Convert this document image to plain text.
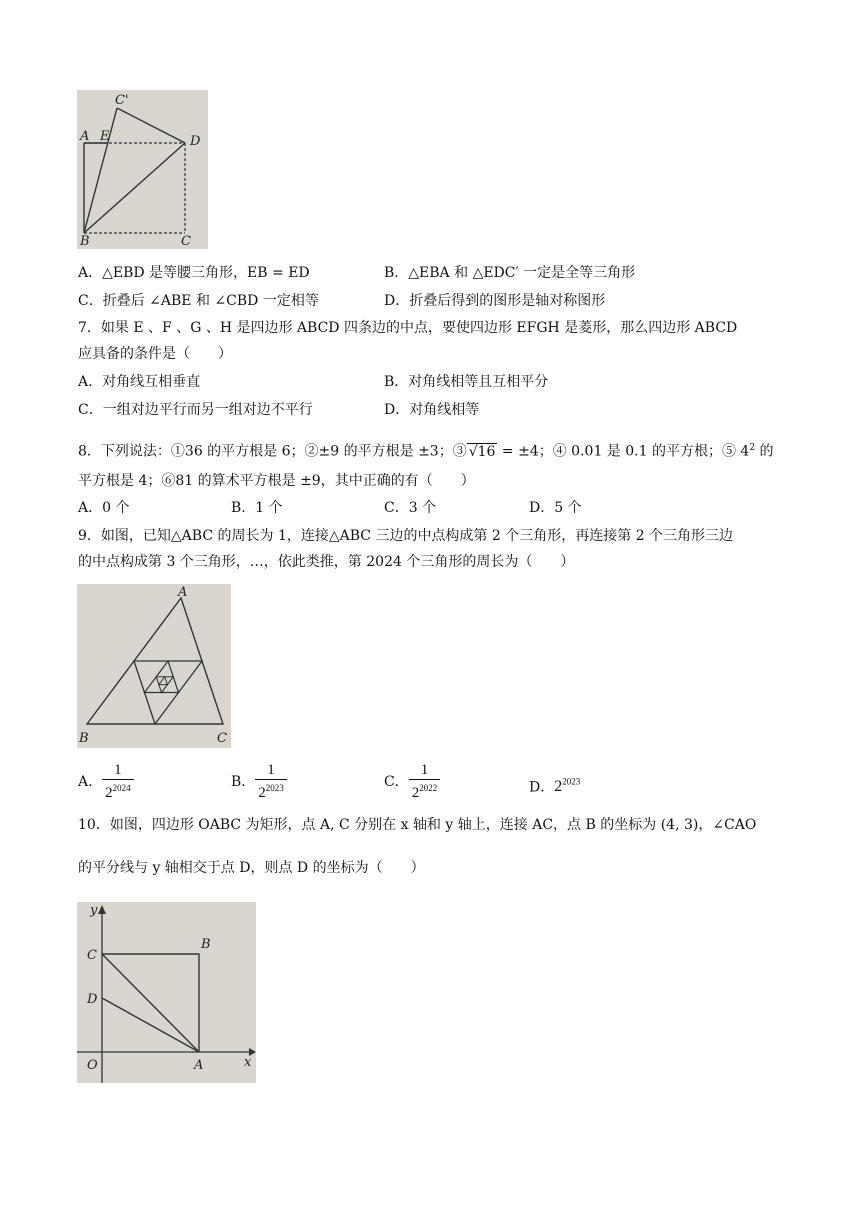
C'
A E	D
B	C
A．△EBD 是等腰三角形，EB = ED	B．△EBA 和 △EDC′ 一定是全等三角形
C．折叠后 ∠ABE 和 ∠CBD 一定相等	D．折叠后得到的图形是轴对称图形
7．如果 E 、F 、G 、H 是四边形 ABCD 四条边的中点，要使四边形 EFGH 是菱形，那么四边形 ABCD
应具备的条件是（　　）
A．对角线互相垂直	B．对角线相等且互相平分
C．一组对边平行而另一组对边不平行	D．对角线相等
8．下列说法：①36 的平方根是 6；②±9 的平方根是 ±3；③ √16 = ±4；④ 0.01 是 0.1 的平方根；⑤ $4^2$ 的
平方根是 4；⑥81 的算术平方根是 ±9，其中正确的有（　　）
A．0 个	B．1 个	C．3 个	D．5 个
9．如图，已知△ABC 的周长为 1，连接△ABC 三边的中点构成第 2 个三角形，再连接第 2 个三角形三边
的中点构成第 3 个三角形，…，依此类推，第 2024 个三角形的周长为（　　）
A
B	C
A． $\frac{1}{2^{2024}}$	B． $\frac{1}{2^{2023}}$	C． $\frac{1}{2^{2022}}$	D．$2^{2023}$
10．如图，四边形 OABC 为矩形，点 A, C 分别在 x 轴和 y 轴上，连接 AC，点 B 的坐标为 (4, 3)，∠CAO
的平分线与 y 轴相交于点 D，则点 D 的坐标为（　　）
y
C
B
D
O	A	x
